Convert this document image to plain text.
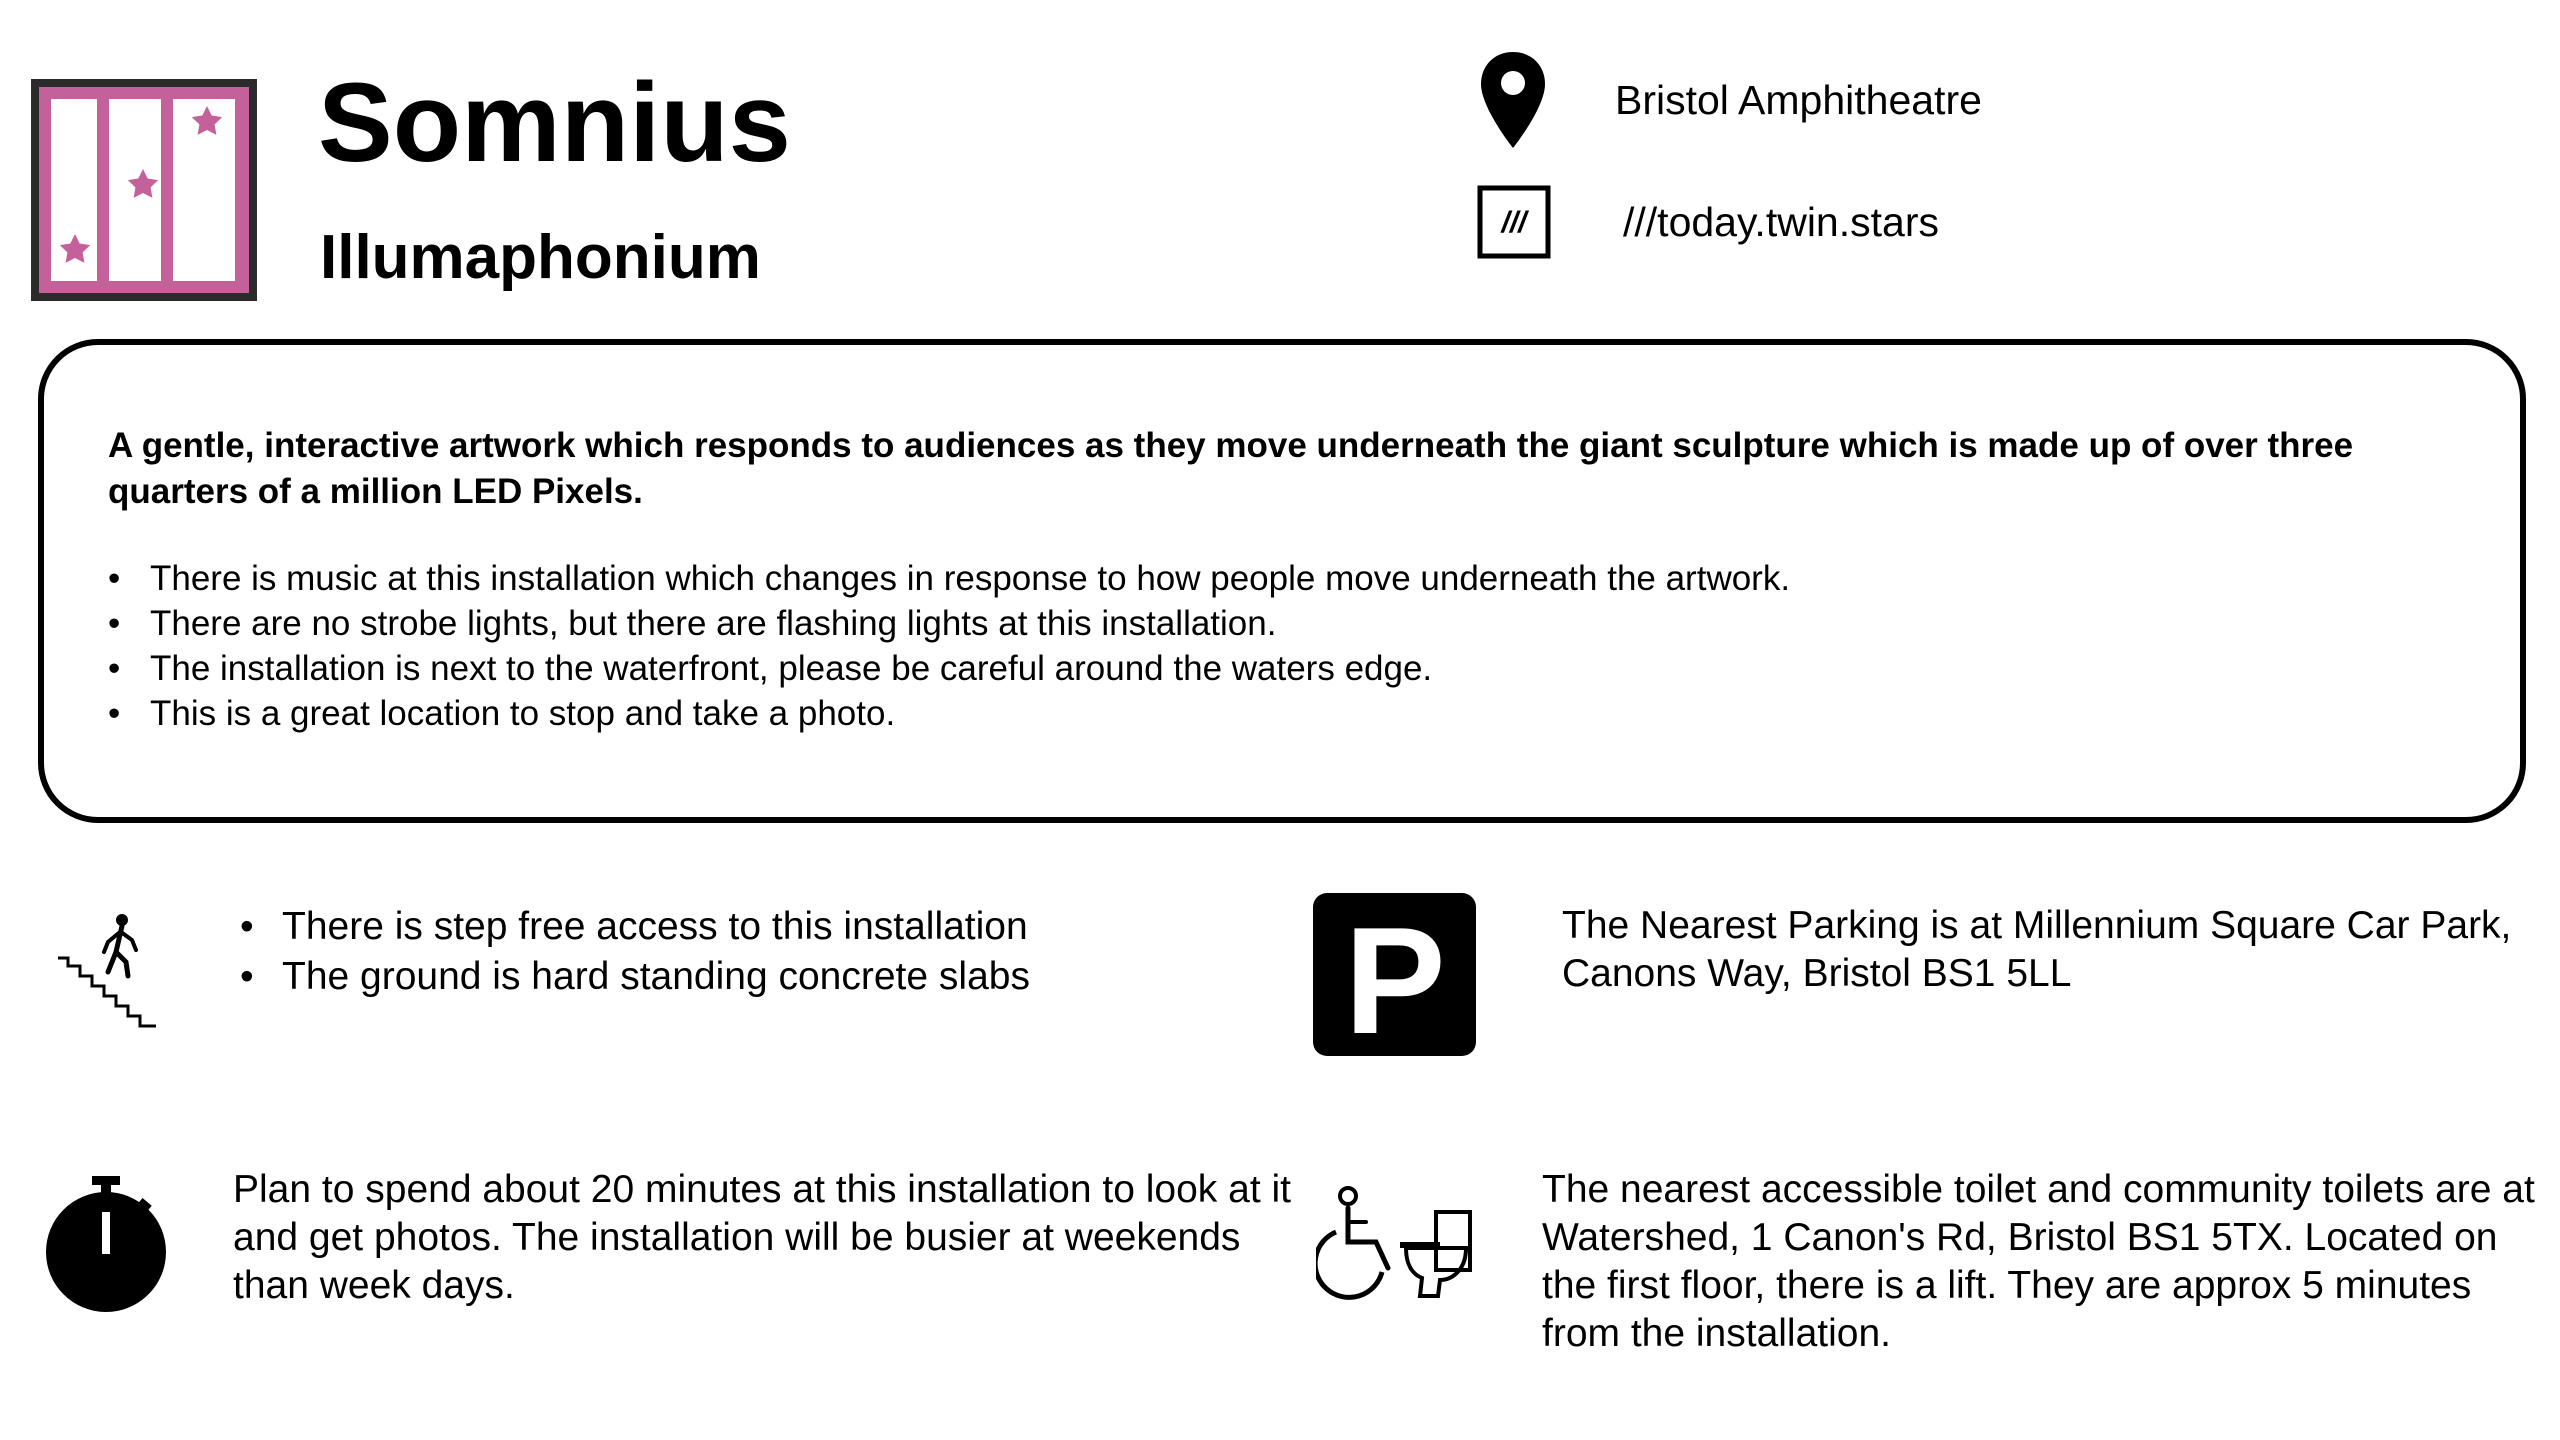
Somnius
Illumaphonium
Bristol Amphitheatre
/// ///today.twin.stars

A gentle, interactive artwork which responds to audiences as they move underneath the giant sculpture which is made up of over three quarters of a million LED Pixels.

• There is music at this installation which changes in response to how people move underneath the artwork.
• There are no strobe lights, but there are flashing lights at this installation.
• The installation is next to the waterfront, please be careful around the waters edge.
• This is a great location to stop and take a photo.
• There is step free access to this installation
• The ground is hard standing concrete slabs	P	The Nearest Parking is at Millennium Square Car Park, Canons Way, Bristol BS1 5LL

Plan to spend about 20 minutes at this installation to look at it and get photos. The installation will be busier at weekends than week days.

The nearest accessible toilet and community toilets are at Watershed, 1 Canon's Rd, Bristol BS1 5TX. Located on the first floor, there is a lift. They are approx 5 minutes from the installation.
